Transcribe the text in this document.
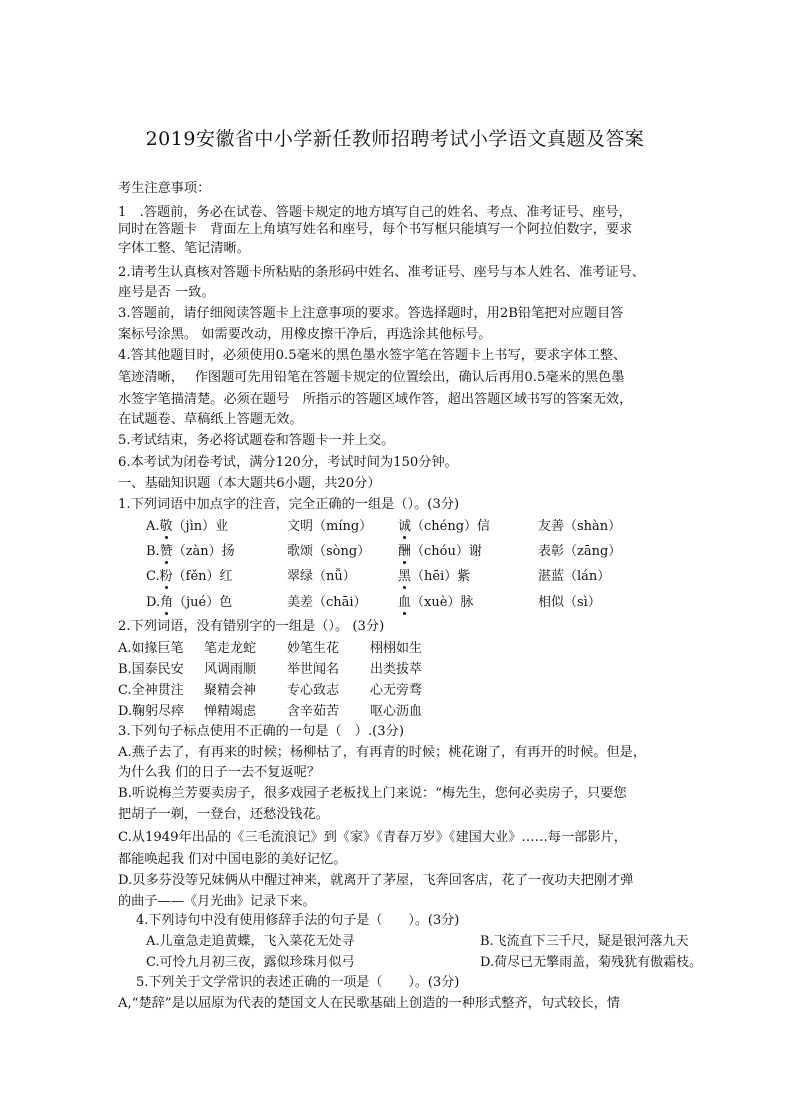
2019安徽省中小学新任教师招聘考试小学语文真题及答案
考生注意事项：
1　.答题前，务必在试卷、答题卡规定的地方填写自己的姓名、考点、准考证号、座号，
同时在答题卡　背面左上角填写姓名和座号，每个书写框只能填写一个阿拉伯数字，要求
字体工整、笔记清晰。
2.请考生认真核对答题卡所粘贴的条形码中姓名、准考证号、座号与本人姓名、准考证号、
座号是否 一致。
3.答题前，请仔细阅读答题卡上注意事项的要求。答选择题时，用2B铅笔把对应题目答
案标号涂黑。 如需要改动，用橡皮擦干净后，再选涂其他标号。
4.答其他题目时，必须使用0.5毫米的黑色墨水签字笔在答题卡上书写，要求字体工整、
笔迹清晰，　 作图题可先用铅笔在答题卡规定的位置绘出，确认后再用0.5毫米的黑色墨
水签字笔描清楚。必须在题号　所指示的答题区域作答，超出答题区域书写的答案无效，
在试题卷、草稿纸上答题无效。
5.考试结束，务必将试题卷和答题卡一并上交。
6.本考试为闭卷考试，满分120分，考试时间为150分钟。
一、基础知识题（本大题共6小题，共20分）
1.下列词语中加点字的注音，完全正确的一组是（）。(3分)
A.敬（jìn）业	文明（míng） 诚（chéng）信	友善（shàn）
B.赞（zàn）扬	歌颂（sòng） 酬（chóu）谢	表彰（zāng）
C.粉（fěn）红	翠绿（nǚ）	黑（hēi）紫	湛蓝（lán）
D.角（jué）色	美差（chāi） 血（xuè）脉	相似（sì）
2.下列词语，没有错别字的一组是（）。 (3分)
A.如掾巨笔 笔走龙蛇 妙笔生花 栩栩如生
B.国泰民安 风调雨顺 举世闻名 出类拔萃
C.全神贯注 聚精会神 专心致志 心无旁骛
D.鞠躬尽瘁 惮精竭虑 含辛茹苦 呕心沥血
3.下列句子标点使用不正确的一句是（　）.(3分)
A.燕子去了，有再来的时候；杨柳枯了，有再青的时候；桃花谢了，有再开的时候。但是，
为什么我 们的日子一去不复返呢？
B.听说梅兰芳要卖房子，很多戏园子老板找上门来说：“梅先生，您何必卖房子，只要您
把胡子一剃，一登台，还愁没钱花。
C.从1949年出品的《三毛流浪记》到《家》《青春万岁》《建国大业》……每一部影片，
都能唤起我 们对中国电影的美好记忆。
D.贝多芬没等兄妹俩从中醒过神来，就离开了茅屋，飞奔回客店，花了一夜功夫把刚才弹
的曲子——《月光曲》记录下来。
4.下列诗句中没有使用修辞手法的句子是（　　）。(3分)
A.儿童急走追黄蝶，飞入菜花无处寻	B.飞流直下三千尺，疑是银河落九天
C.可怜九月初三夜，露似珍珠月似弓	D.荷尽已无擎雨盖，菊残犹有傲霜枝。
5.下列关于文学常识的表述正确的一项是（　　）。(3分)
A,“楚辞”是以屈原为代表的楚国文人在民歌基础上创造的一种形式整齐，句式较长，情
